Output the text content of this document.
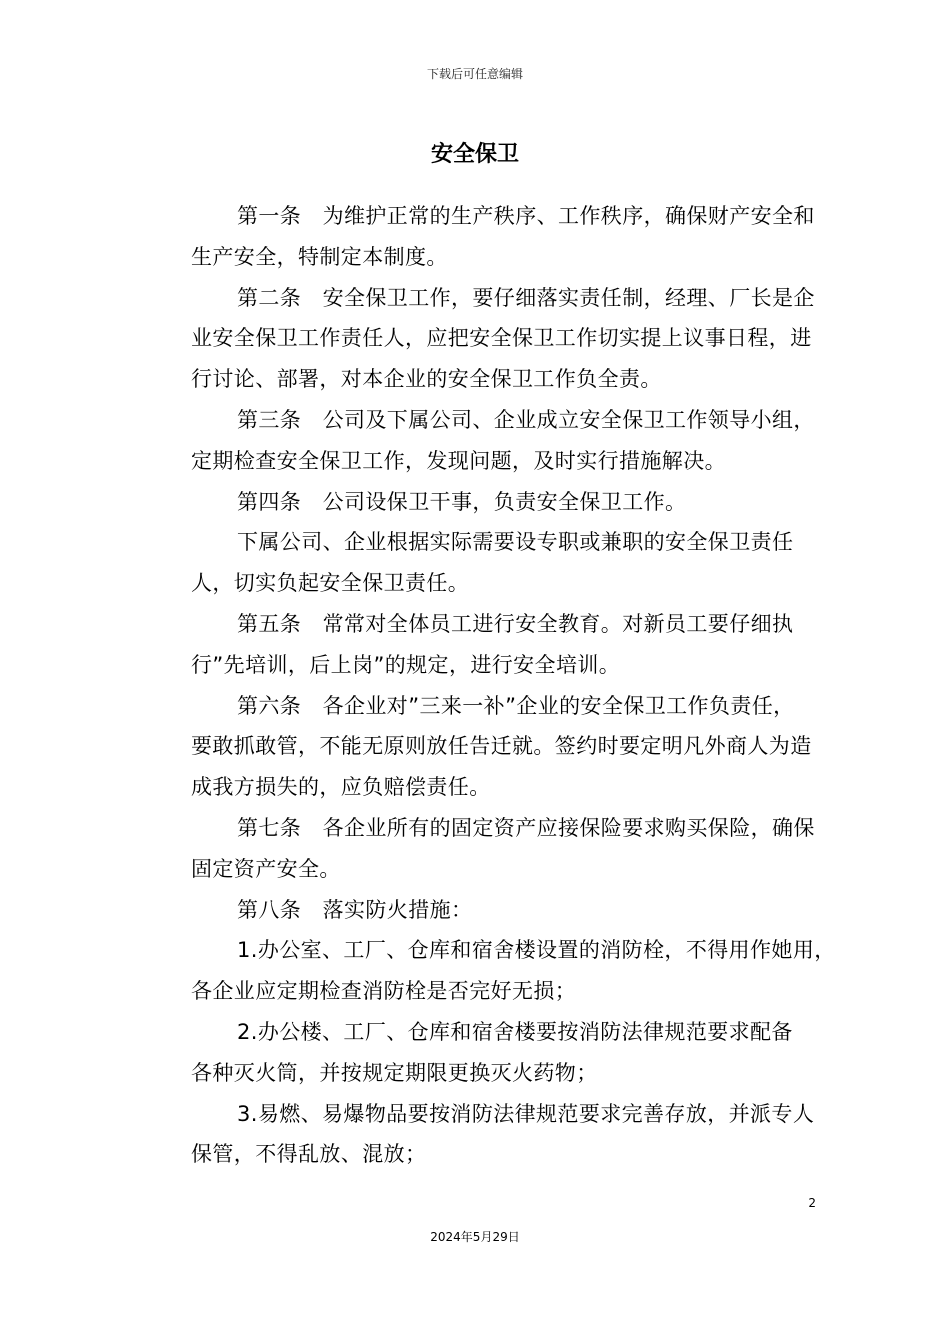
下载后可任意编辑
安全保卫

第一条　为维护正常的生产秩序、工作秩序，确保财产安全和
生产安全，特制定本制度。

第二条　安全保卫工作，要仔细落实责任制，经理、厂长是企
业安全保卫工作责任人，应把安全保卫工作切实提上议事日程，进
行讨论、部署，对本企业的安全保卫工作负全责。

第三条　公司及下属公司、企业成立安全保卫工作领导小组，
定期检查安全保卫工作，发现问题，及时实行措施解决。

第四条　公司设保卫干事，负责安全保卫工作。

下属公司、企业根据实际需要设专职或兼职的安全保卫责任
人，切实负起安全保卫责任。

第五条　常常对全体员工进行安全教育。对新员工要仔细执
行”先培训，后上岗”的规定，进行安全培训。

第六条　各企业对”三来一补”企业的安全保卫工作负责任，
要敢抓敢管，不能无原则放任告迁就。签约时要定明凡外商人为造
成我方损失的，应负赔偿责任。

第七条　各企业所有的固定资产应接保险要求购买保险，确保
固定资产安全。

第八条　落实防火措施：

1.办公室、工厂、仓库和宿舍楼设置的消防栓，不得用作她用，
各企业应定期检查消防栓是否完好无损；

2.办公楼、工厂、仓库和宿舍楼要按消防法律规范要求配备
各种灭火筒，并按规定期限更换灭火药物；

3.易燃、易爆物品要按消防法律规范要求完善存放，并派专人
保管，不得乱放、混放；

2
2024年5月29日
